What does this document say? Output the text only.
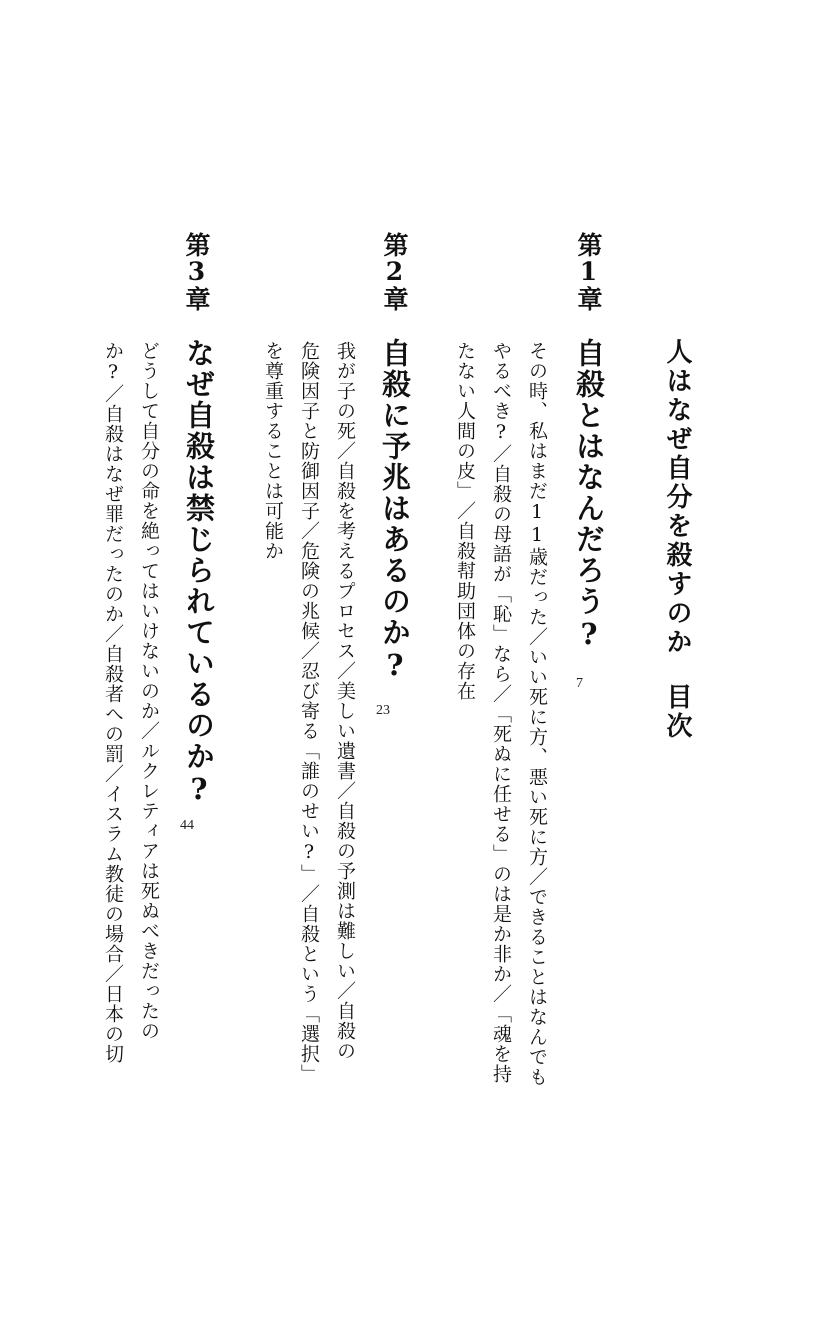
人はなぜ自分を殺すのか目次
第1章
自殺とはなんだろう?
7
その時、私はまだ11歳だった／いい死に方、悪い死に方／できることはなんでも
やるべき?／自殺の母語が「恥」なら／「死ぬに任せる」のは是か非か／「魂を持
たない人間の皮」／自殺幇助団体の存在
第2章
自殺に予兆はあるのか?
23
我が子の死／自殺を考えるプロセス／美しい遺書／自殺の予測は難しい／自殺の
危険因子と防御因子／危険の兆候／忍び寄る「誰のせい?」／自殺という「選択」
を尊重することは可能か
第3章
なぜ自殺は禁じられているのか?
44
どうして自分の命を絶ってはいけないのか／ルクレティアは死ぬべきだったの
か?／自殺はなぜ罪だったのか／自殺者への罰／イスラム教徒の場合／日本の切
